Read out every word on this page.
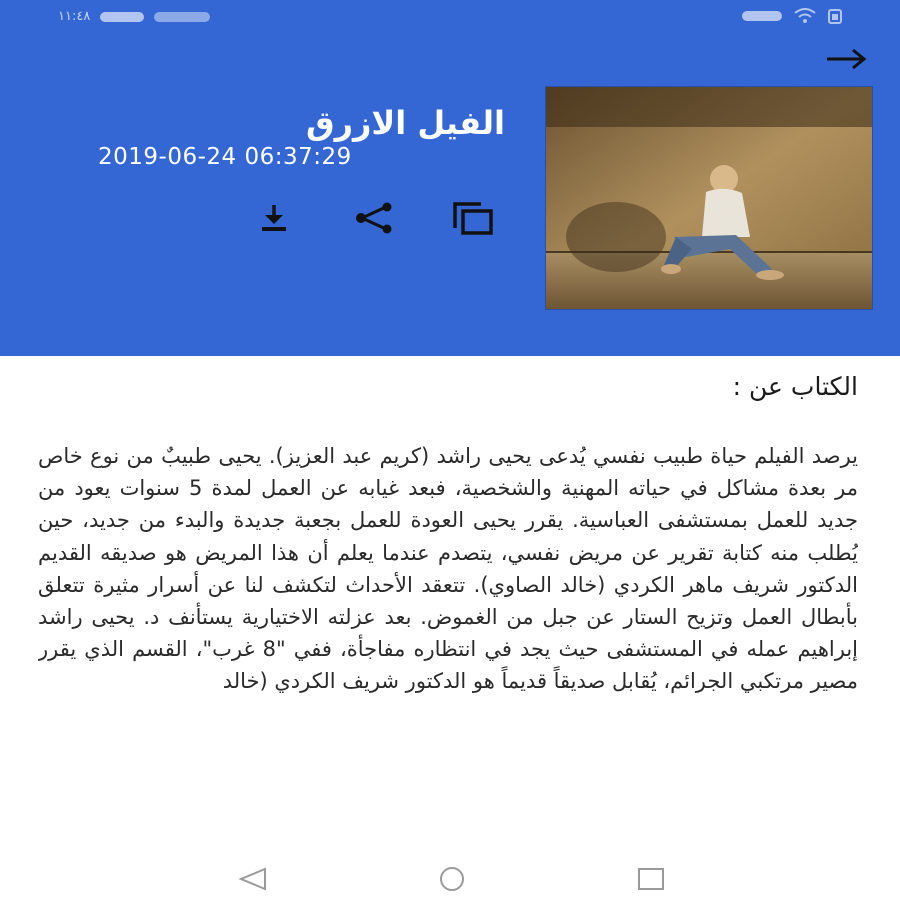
١١:٤٨
الفيل الازرق
2019-06-24 06:37:29
الكتاب عن :
يرصد الفيلم حياة طبيب نفسي يُدعى يحيى راشد (كريم عبد العزيز). يحيى طبيبٌ من نوع خاص مر بعدة مشاكل في حياته المهنية والشخصية، فبعد غيابه عن العمل لمدة 5 سنوات يعود من جديد للعمل بمستشفى العباسية. يقرر يحيى العودة للعمل بجعبة جديدة والبدء من جديد، حين يُطلب منه كتابة تقرير عن مريض نفسي، يتصدم عندما يعلم أن هذا المريض هو صديقه القديم الدكتور شريف ماهر الكردي (خالد الصاوي). تتعقد الأحداث لتكشف لنا عن أسرار مثيرة تتعلق بأبطال العمل وتزيح الستار عن جبل من الغموض. بعد عزلته الاختيارية يستأنف د. يحيى راشد إبراهيم عمله في المستشفى حيث يجد في انتظاره مفاجأة، ففي "8 غرب"، القسم الذي يقرر مصير مرتكبي الجرائم، يُقابل صديقاً قديماً هو الدكتور شريف الكردي (خالد
